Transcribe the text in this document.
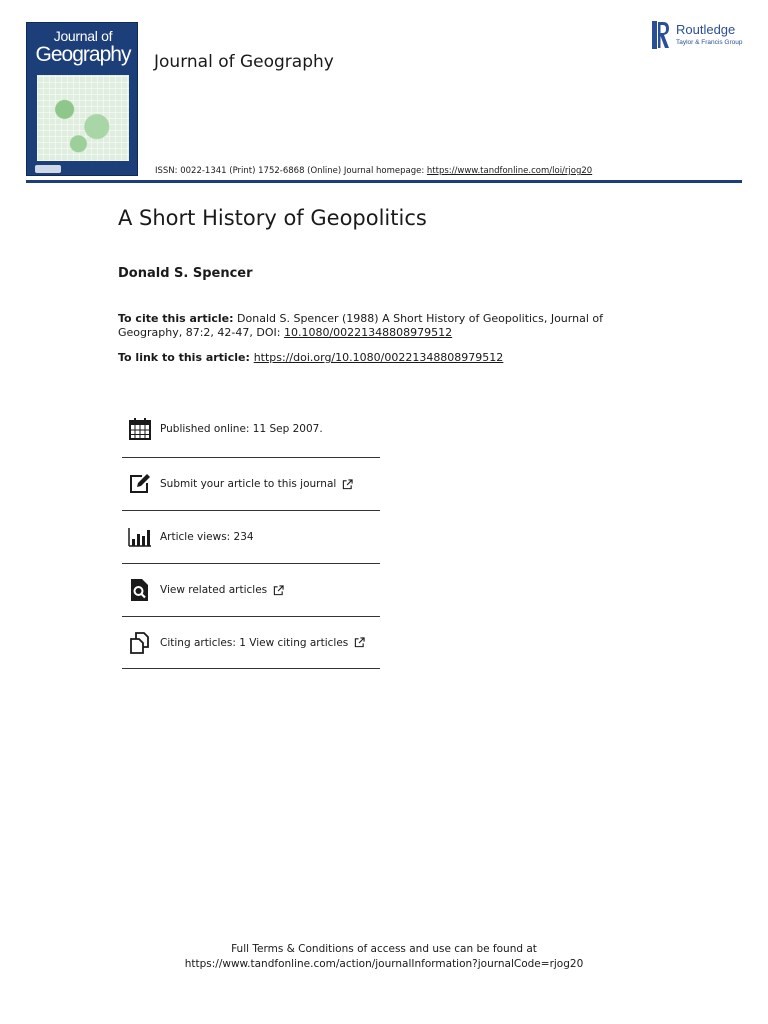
Journal of
Geography	Journal of Geography
Routledge
Taylor & Francis Group
ISSN: 0022-1341 (Print) 1752-6868 (Online) Journal homepage: https://www.tandfonline.com/loi/rjog20
A Short History of Geopolitics
Donald S. Spencer
To cite this article: Donald S. Spencer (1988) A Short History of Geopolitics, Journal of Geography, 87:2, 42-47, DOI: 10.1080/00221348808979512
To link to this article: https://doi.org/10.1080/00221348808979512
Published online: 11 Sep 2007.
Submit your article to this journal
Article views: 234
View related articles
Citing articles: 1 View citing articles
Full Terms & Conditions of access and use can be found at
https://www.tandfonline.com/action/journalInformation?journalCode=rjog20
